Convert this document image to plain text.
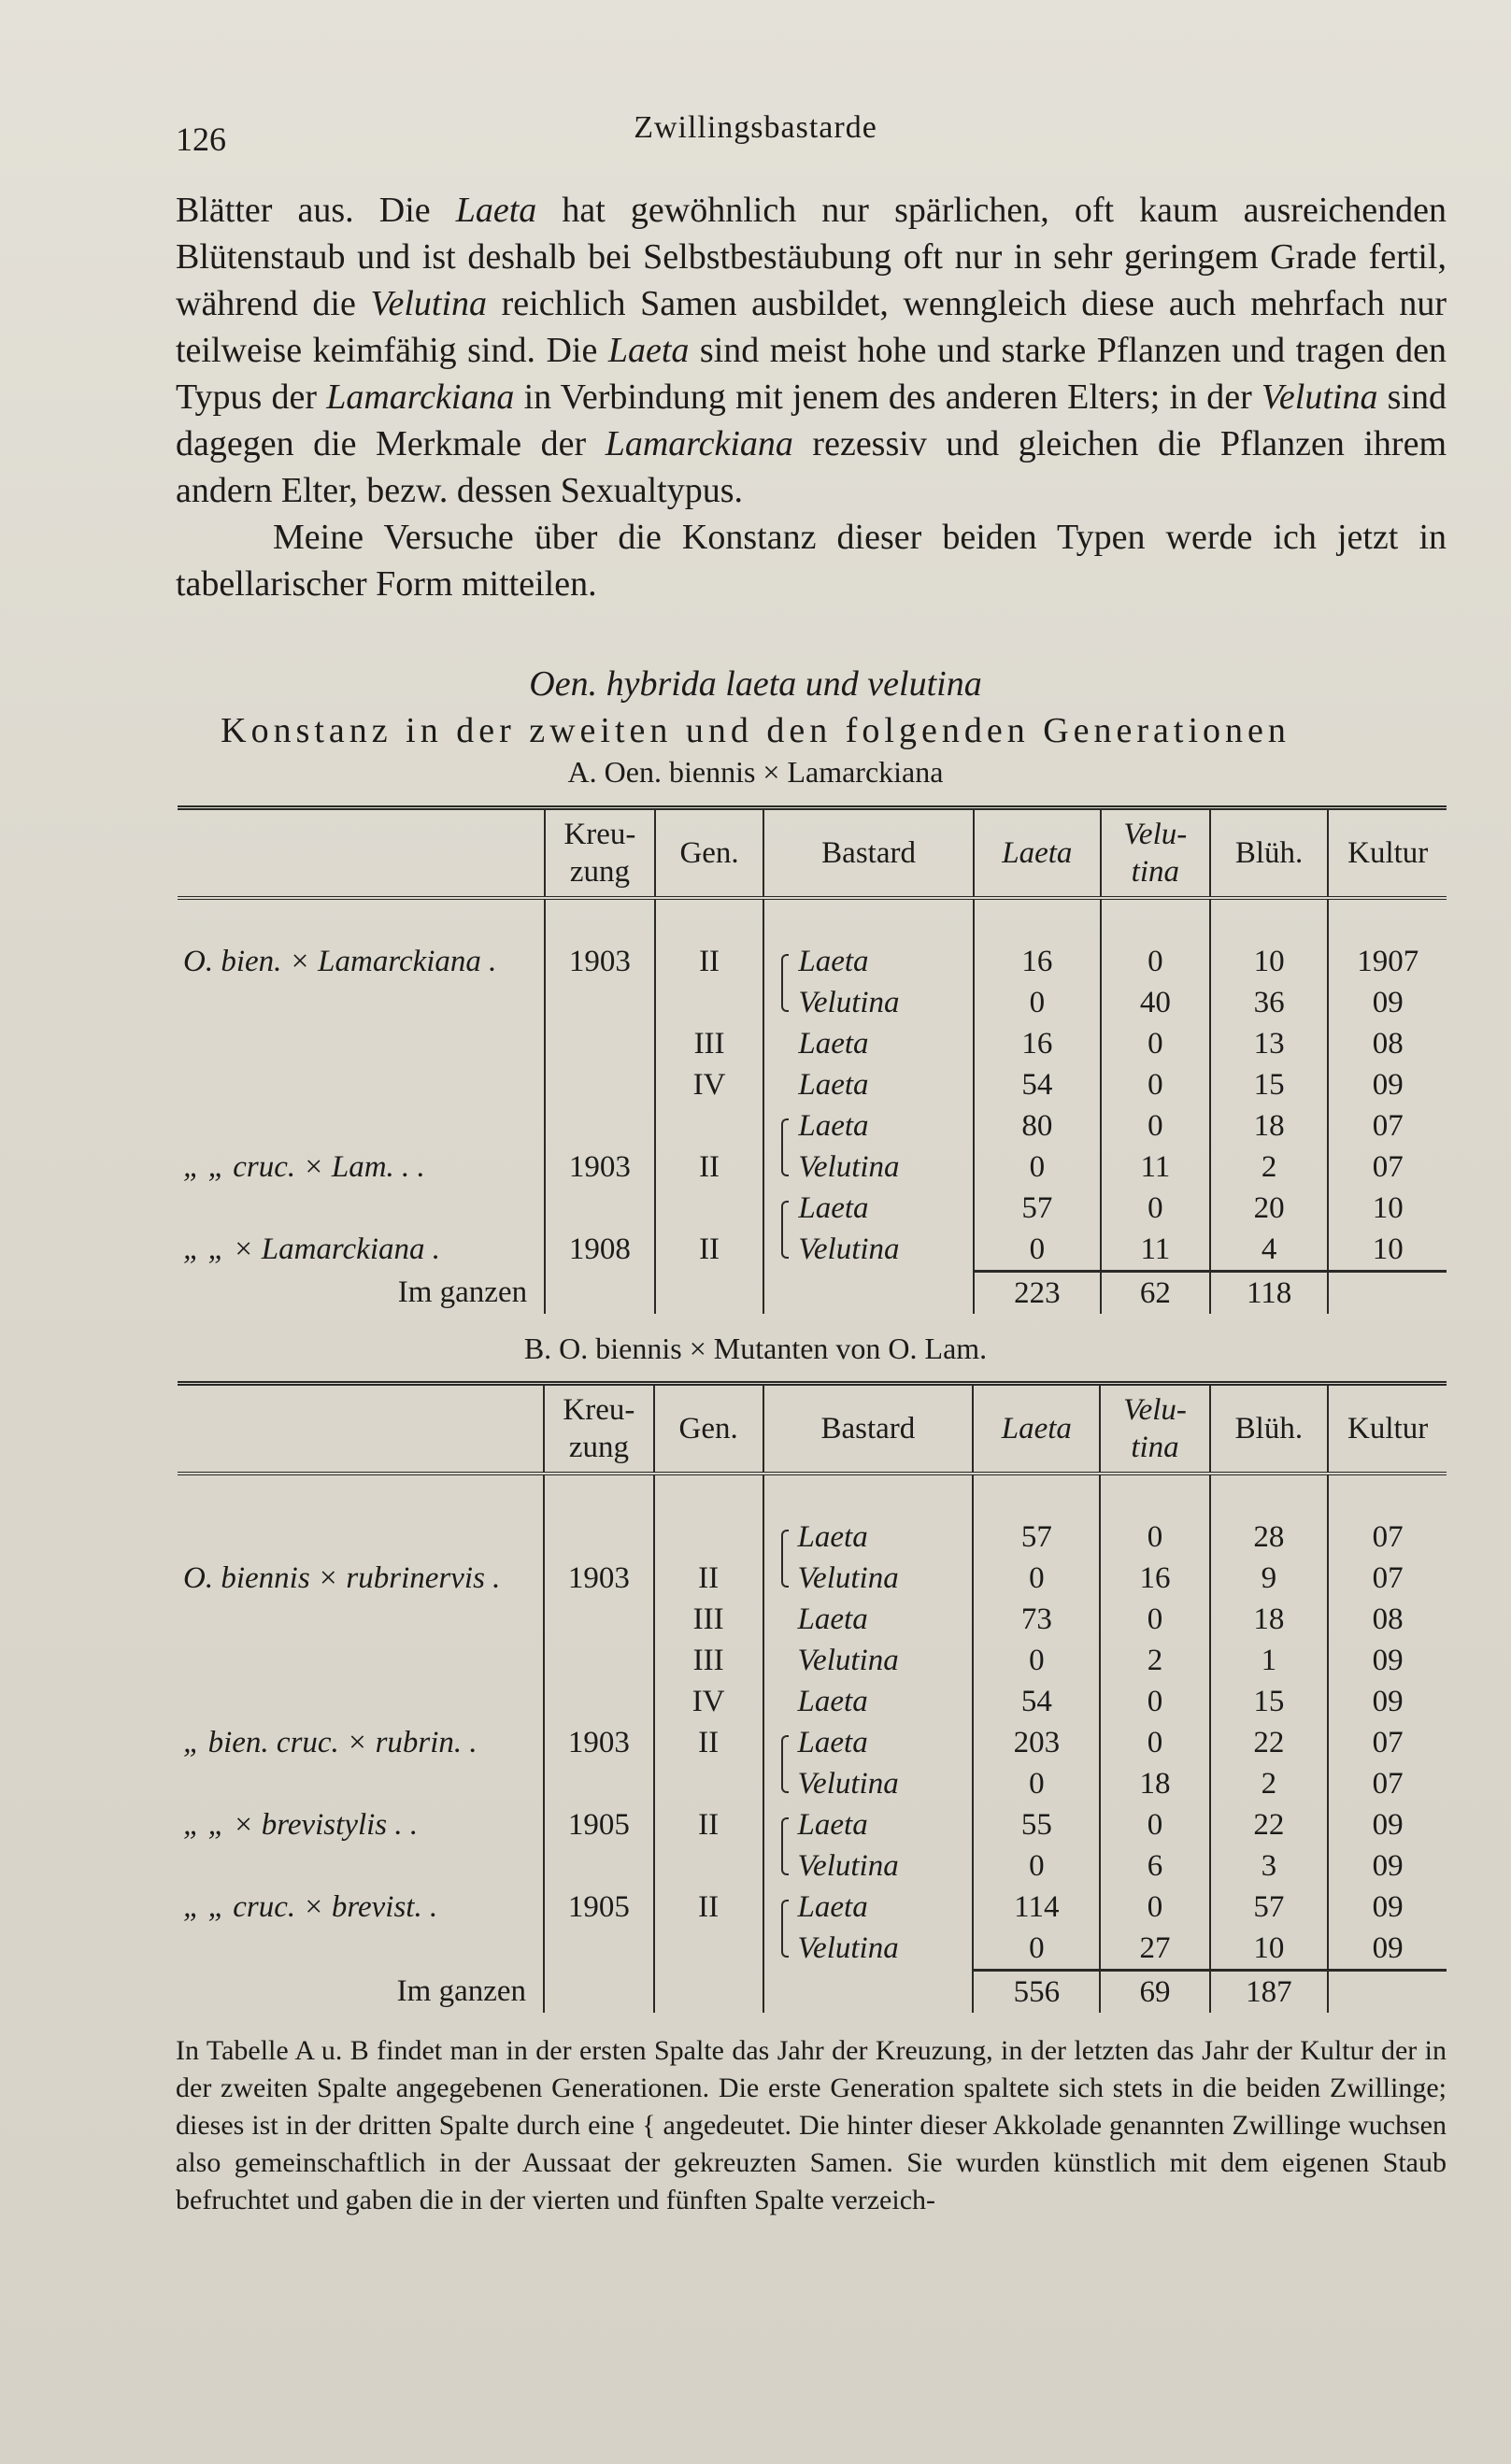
126	Zwillingsbastarde

Blätter aus. Die Laeta hat gewöhnlich nur spärlichen, oft kaum ausreichenden Blütenstaub und ist deshalb bei Selbstbestäubung oft nur in sehr geringem Grade fertil, während die Velutina reichlich Samen ausbildet, wenngleich diese auch mehrfach nur teilweise keimfähig sind. Die Laeta sind meist hohe und starke Pflanzen und tragen den Typus der Lamarckiana in Verbindung mit jenem des anderen Elters; in der Velutina sind dagegen die Merkmale der Lamarckiana rezessiv und gleichen die Pflanzen ihrem andern Elter, bezw. dessen Sexualtypus.

Meine Versuche über die Konstanz dieser beiden Typen werde ich jetzt in tabellarischer Form mitteilen.

Oen. hybrida laeta und velutina
Konstanz in der zweiten und den folgenden Generationen
A. Oen. biennis × Lamarckiana
	Kreu- zung	Gen.	Bastard	Laeta	Velu- tina	Blüh.	Kultur

O. bien. × Lamarckiana .	1903	II	Laeta	16	0	10	1907
			Velutina	0	40	36	09
		III	Laeta	16	0	13	08
		IV	Laeta	54	0	15	09
			Laeta	80	0	18	07
„ „ cruc. × Lam. . .	1903	II	Velutina	0	11	2	07
			Laeta	57	0	20	10
„ „ × Lamarckiana .	1908	II	Velutina	0	11	4	10
Im ganzen				223	62	118	
B. O. biennis × Mutanten von O. Lam.
	Kreu- zung	Gen.	Bastard	Laeta	Velu- tina	Blüh.	Kultur

			Laeta	57	0	28	07
O. biennis × rubrinervis .	1903	II	Velutina	0	16	9	07
		III	Laeta	73	0	18	08
		III	Velutina	0	2	1	09
		IV	Laeta	54	0	15	09
„ bien. cruc. × rubrin. .	1903	II	Laeta	203	0	22	07
			Velutina	0	18	2	07
„ „ × brevistylis . .	1905	II	Laeta	55	0	22	09
			Velutina	0	6	3	09
„ „ cruc. × brevist. .	1905	II	Laeta	114	0	57	09
			Velutina	0	27	10	09
Im ganzen				556	69	187	

In Tabelle A u. B findet man in der ersten Spalte das Jahr der Kreuzung, in der letzten das Jahr der Kultur der in der zweiten Spalte angegebenen Generationen. Die erste Generation spaltete sich stets in die beiden Zwillinge; dieses ist in der dritten Spalte durch eine { angedeutet. Die hinter dieser Akkolade genannten Zwillinge wuchsen also gemeinschaftlich in der Aussaat der gekreuzten Samen. Sie wurden künstlich mit dem eigenen Staub befruchtet und gaben die in der vierten und fünften Spalte verzeich-
